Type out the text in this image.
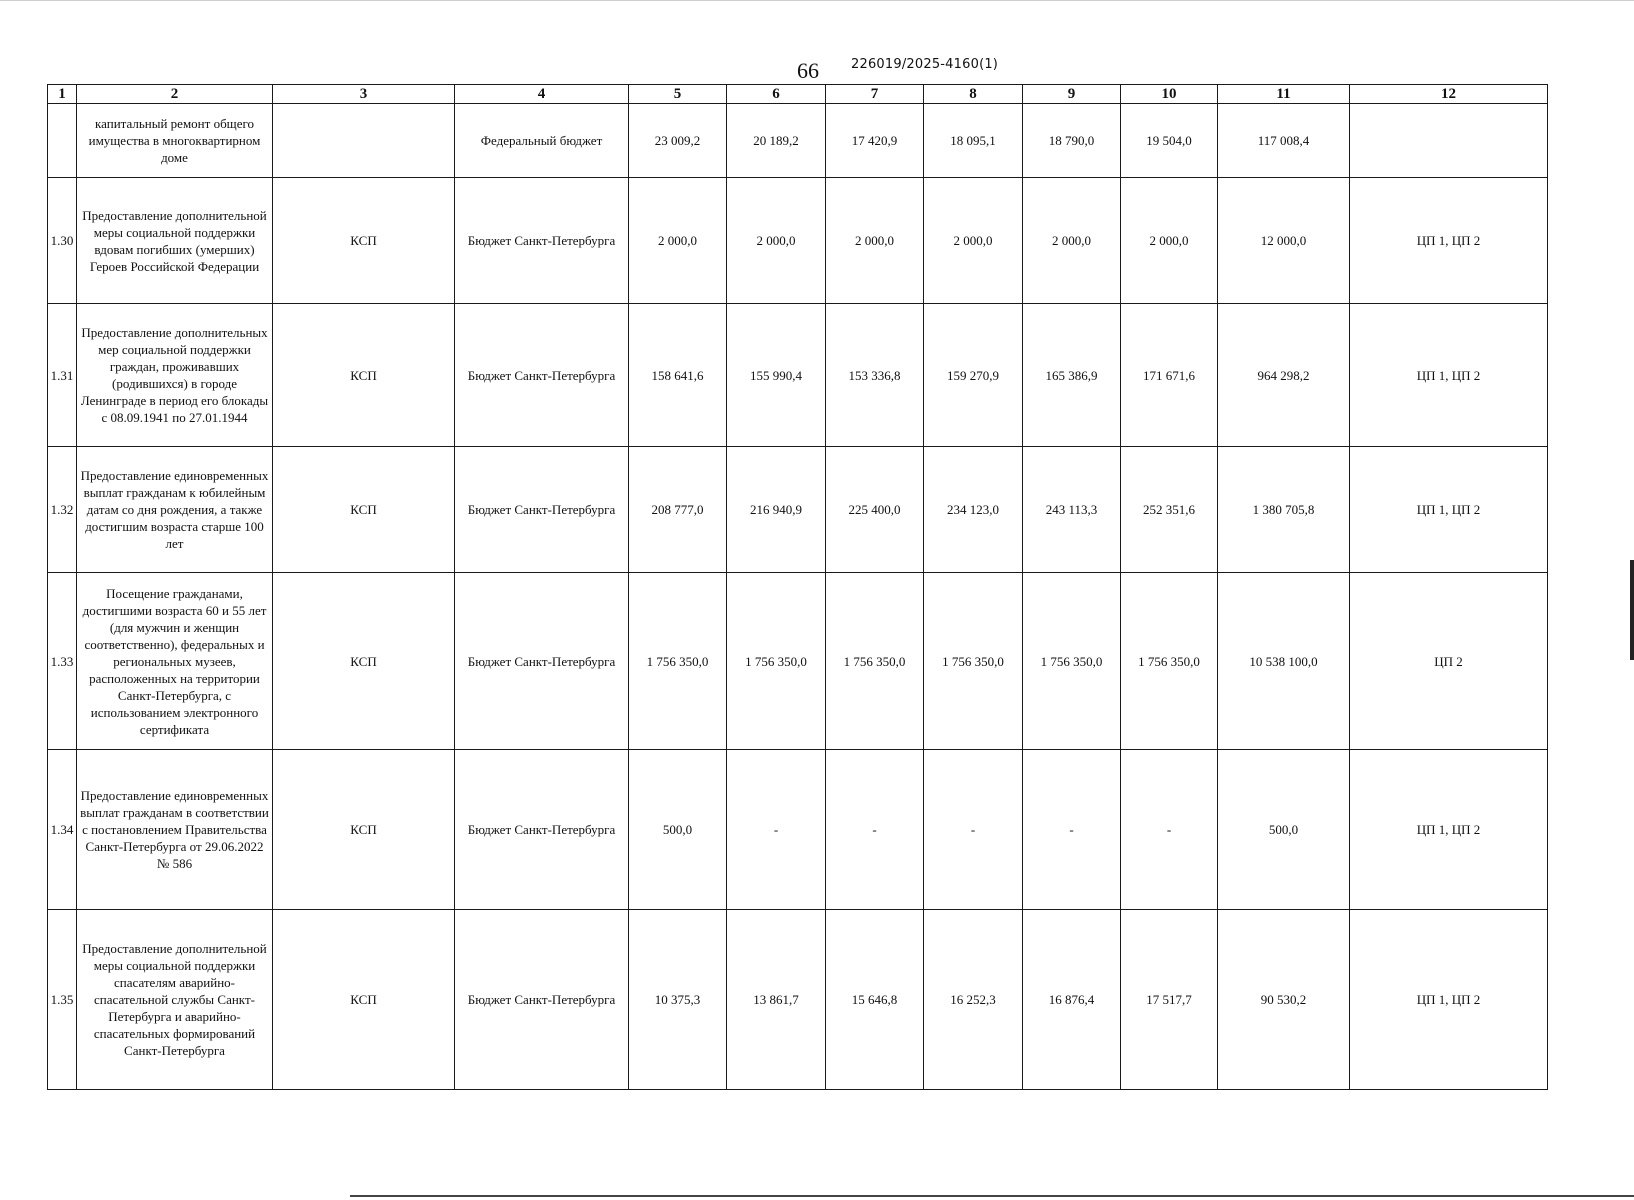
66 226019/2025-4160(1)
1	2	3	4	5	6	7	8	9	10	11	12
	капитальный ремонт общего имущества в многоквартирном доме		Федеральный бюджет	23 009,2	20 189,2	17 420,9	18 095,1	18 790,0	19 504,0	117 008,4	
1.30	Предоставление дополнительной меры социальной поддержки вдовам погибших (умерших) Героев Российской Федерации	КСП	Бюджет Санкт-Петербурга	2 000,0	2 000,0	2 000,0	2 000,0	2 000,0	2 000,0	12 000,0	ЦП 1, ЦП 2
1.31	Предоставление дополнительных мер социальной поддержки граждан, проживавших (родившихся) в городе Ленинграде в период его блокады с 08.09.1941 по 27.01.1944	КСП	Бюджет Санкт-Петербурга	158 641,6	155 990,4	153 336,8	159 270,9	165 386,9	171 671,6	964 298,2	ЦП 1, ЦП 2
1.32	Предоставление единовременных выплат гражданам к юбилейным датам со дня рождения, а также достигшим возраста старше 100 лет	КСП	Бюджет Санкт-Петербурга	208 777,0	216 940,9	225 400,0	234 123,0	243 113,3	252 351,6	1 380 705,8	ЦП 1, ЦП 2
1.33	Посещение гражданами, достигшими возраста 60 и 55 лет (для мужчин и женщин соответственно), федеральных и региональных музеев, расположенных на территории Санкт-Петербурга, с использованием электронного сертификата	КСП	Бюджет Санкт-Петербурга	1 756 350,0	1 756 350,0	1 756 350,0	1 756 350,0	1 756 350,0	1 756 350,0	10 538 100,0	ЦП 2
1.34	Предоставление единовременных выплат гражданам в соответствии с постановлением Правительства Санкт-Петербурга от 29.06.2022 № 586	КСП	Бюджет Санкт-Петербурга	500,0	-	-	-	-	-	500,0	ЦП 1, ЦП 2
1.35	Предоставление дополнительной меры социальной поддержки спасателям аварийно-спасательной службы Санкт-Петербурга и аварийно-спасательных формирований Санкт-Петербурга	КСП	Бюджет Санкт-Петербурга	10 375,3	13 861,7	15 646,8	16 252,3	16 876,4	17 517,7	90 530,2	ЦП 1, ЦП 2
